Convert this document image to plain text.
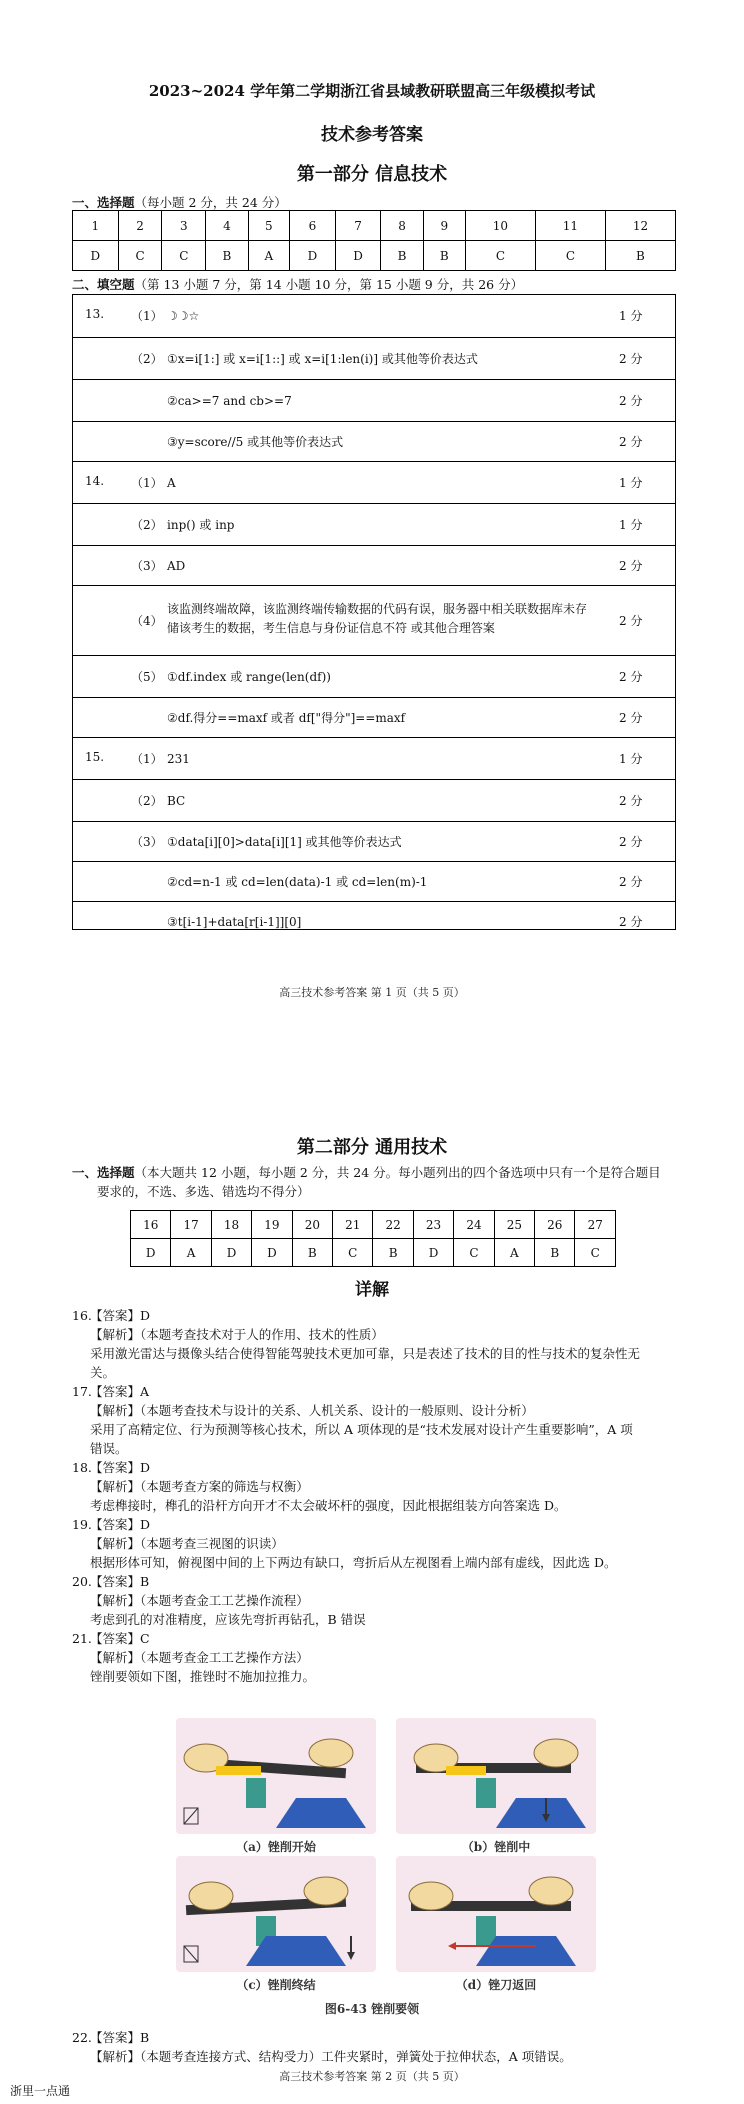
2023~2024 学年第二学期浙江省县域教研联盟高三年级模拟考试
技术参考答案
第一部分 信息技术
一、选择题（每小题 2 分，共 24 分）
1	2	3	4	5	6	7	8	9	10	11	12
D	C	C	B	A	D	D	B	B	C	C	B
二、填空题（第 13 小题 7 分，第 14 小题 10 分，第 15 小题 9 分，共 26 分）
13. （1） ☽☽☆	1 分
（2） ①x=i[1:] 或 x=i[1::] 或 x=i[1:len(i)] 或其他等价表达式	2 分
②ca>=7 and cb>=7	2 分
③y=score//5 或其他等价表达式	2 分
14. （1） A	1 分
（2） inp() 或 inp	1 分
（3） AD	2 分
（4）
该监测终端故障，该监测终端传输数据的代码有误，服务器中相关联数据库未存储该考生的数据，考生信息与身份证信息不符 或其他合理答案	2 分
（5） ①df.index 或 range(len(df))	2 分
②df.得分==maxf 或者 df["得分"]==maxf	2 分
15. （1） 231	1 分
（2） BC	2 分
（3） ①data[i][0]>data[i][1] 或其他等价表达式	2 分
②cd=n-1 或 cd=len(data)-1 或 cd=len(m)-1	2 分
③t[i-1]+data[r[i-1]][0]	2 分
高三技术参考答案 第 1 页（共 5 页）
第二部分 通用技术
一、选择题（本大题共 12 小题，每小题 2 分，共 24 分。每小题列出的四个备选项中只有一个是符合题目
要求的，不选、多选、错选均不得分）
16	17	18	19	20	21	22	23	24	25	26	27
D	A	D	D	B	C	B	D	C	A	B	C
详解
16.
【答案】D
【解析】（本题考查技术对于人的作用、技术的性质）
采用激光雷达与摄像头结合使得智能驾驶技术更加可靠，只是表述了技术的目的性与技术的复杂性无
关。
17.
【答案】A
【解析】（本题考查技术与设计的关系、人机关系、设计的一般原则、设计分析）
采用了高精定位、行为预测等核心技术，所以 A 项体现的是“技术发展对设计产生重要影响”，A 项
错误。
18.
【答案】D
【解析】（本题考查方案的筛选与权衡）
考虑榫接时，榫孔的沿杆方向开才不太会破坏杆的强度，因此根据组装方向答案选 D。
19.
【答案】D
【解析】（本题考查三视图的识读）
根据形体可知，俯视图中间的上下两边有缺口，弯折后从左视图看上端内部有虚线，因此选 D。
20.
【答案】B
【解析】（本题考查金工工艺操作流程）
考虑到孔的对准精度，应该先弯折再钻孔，B 错误
21.
【答案】C
【解析】（本题考查金工工艺操作方法）
锉削要领如下图，推锉时不施加拉推力。
（a）锉削开始	（b）锉削中
（c）锉削终结	（d）锉刀返回
图6-43 锉削要领
22.
【答案】B
【解析】（本题考查连接方式、结构受力）工件夹紧时，弹簧处于拉伸状态，A 项错误。
高三技术参考答案 第 2 页（共 5 页）
浙里一点通
